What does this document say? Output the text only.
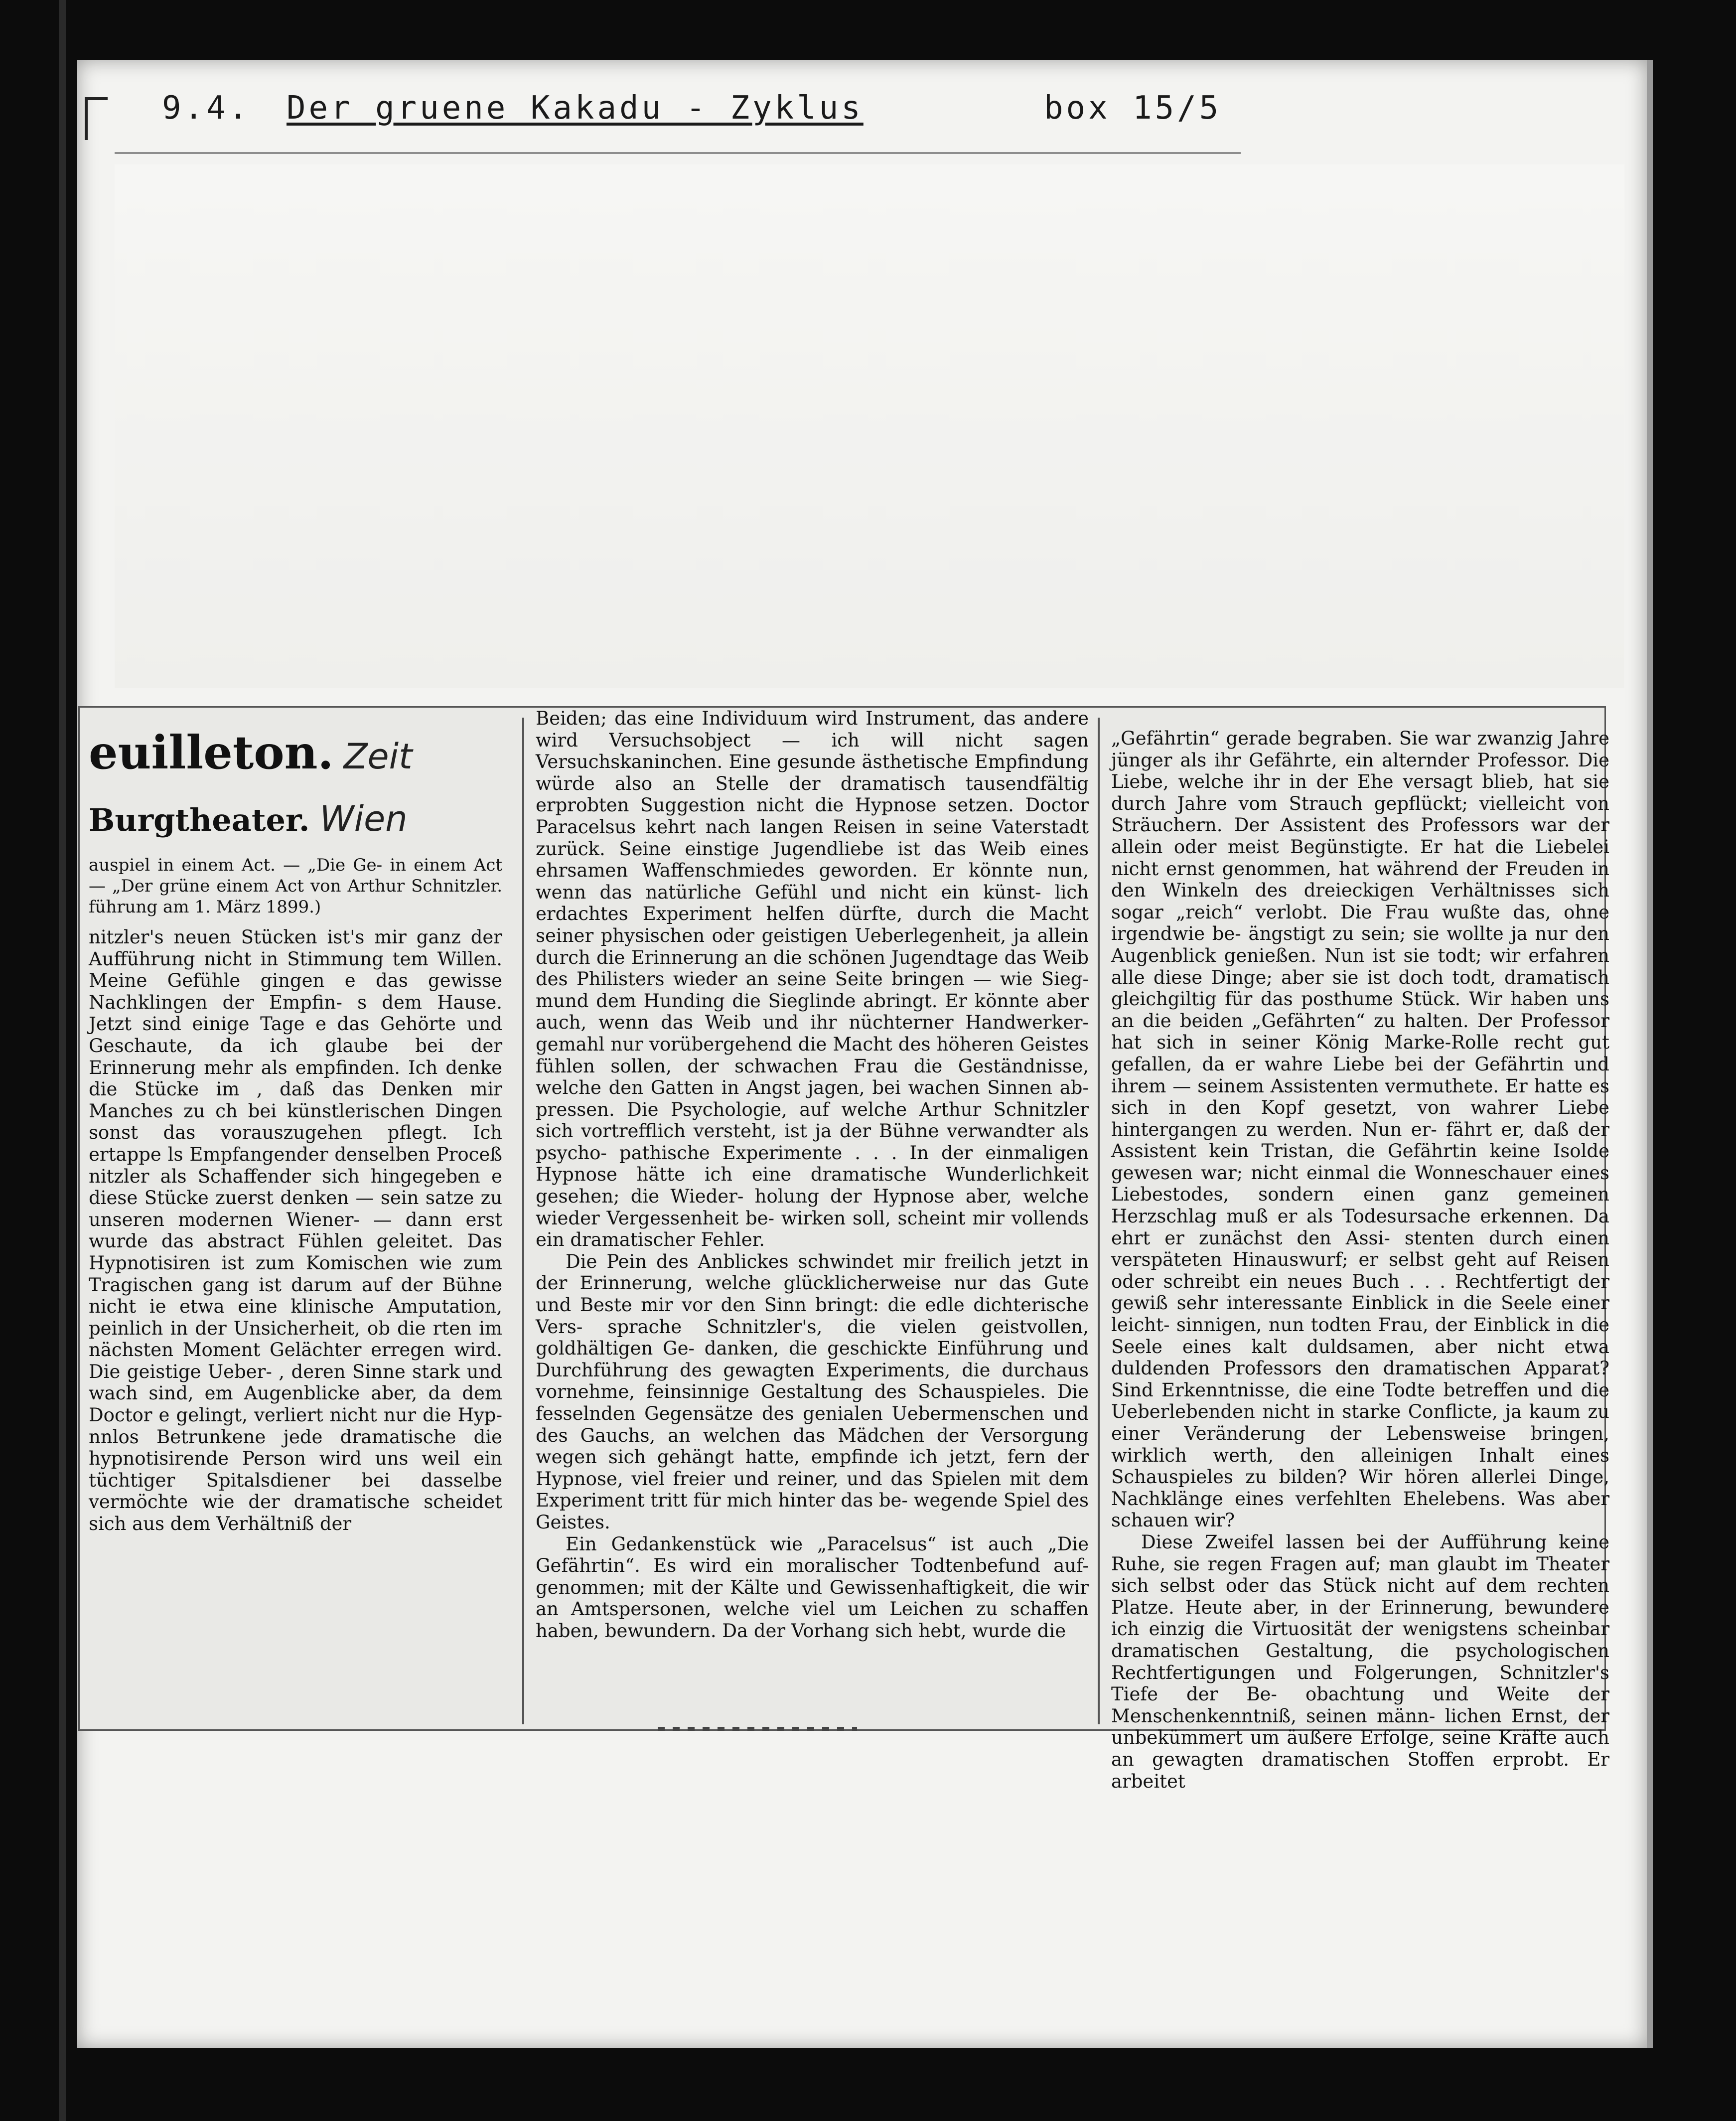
9.4. Der gruene Kakadu - Zyklus	box 15/5
euilleton. Zeit
Burgtheater. Wien
auspiel in einem Act. — „Die Ge- in einem Act — „Der grüne einem Act von Arthur Schnitzler. führung am 1. März 1899.)

nitzler's neuen Stücken ist's mir ganz der Aufführung nicht in Stimmung tem Willen. Meine Gefühle gingen e das gewisse Nachklingen der Empfin- s dem Hause. Jetzt sind einige Tage e das Gehörte und Geschaute, da ich glaube bei der Erinnerung mehr als empfinden. Ich denke die Stücke im , daß das Denken mir Manches zu ch bei künstlerischen Dingen sonst das vorauszugehen pflegt. Ich ertappe ls Empfangender denselben Proceß nitzler als Schaffender sich hingegeben e diese Stücke zuerst denken — sein satze zu unseren modernen Wiener- — dann erst wurde das abstract Fühlen geleitet. Das Hypnotisiren ist zum Komischen wie zum Tragischen gang ist darum auf der Bühne nicht ie etwa eine klinische Amputation, peinlich in der Unsicherheit, ob die rten im nächsten Moment Gelächter erregen wird. Die geistige Ueber- , deren Sinne stark und wach sind, em Augenblicke aber, da dem Doctor e gelingt, verliert nicht nur die Hyp- nnlos Betrunkene jede dramatische die hypnotisirende Person wird uns weil ein tüchtiger Spitalsdiener bei dasselbe vermöchte wie der dramatische scheidet sich aus dem Verhältniß der

Beiden; das eine Individuum wird Instrument, das andere wird Versuchsobject — ich will nicht sagen Versuchskaninchen. Eine gesunde ästhetische Empfindung würde also an Stelle der dramatisch tausendfältig erprobten Suggestion nicht die Hypnose setzen. Doctor Paracelsus kehrt nach langen Reisen in seine Vaterstadt zurück. Seine einstige Jugendliebe ist das Weib eines ehrsamen Waffenschmiedes geworden. Er könnte nun, wenn das natürliche Gefühl und nicht ein künst- lich erdachtes Experiment helfen dürfte, durch die Macht seiner physischen oder geistigen Ueberlegenheit, ja allein durch die Erinnerung an die schönen Jugendtage das Weib des Philisters wieder an seine Seite bringen — wie Sieg- mund dem Hunding die Sieglinde abringt. Er könnte aber auch, wenn das Weib und ihr nüchterner Handwerker- gemahl nur vorübergehend die Macht des höheren Geistes fühlen sollen, der schwachen Frau die Geständnisse, welche den Gatten in Angst jagen, bei wachen Sinnen ab- pressen. Die Psychologie, auf welche Arthur Schnitzler sich vortrefflich versteht, ist ja der Bühne verwandter als psycho- pathische Experimente . . . In der einmaligen Hypnose hätte ich eine dramatische Wunderlichkeit gesehen; die Wieder- holung der Hypnose aber, welche wieder Vergessenheit be- wirken soll, scheint mir vollends ein dramatischer Fehler.

Die Pein des Anblickes schwindet mir freilich jetzt in der Erinnerung, welche glücklicherweise nur das Gute und Beste mir vor den Sinn bringt: die edle dichterische Vers- sprache Schnitzler's, die vielen geistvollen, goldhältigen Ge- danken, die geschickte Einführung und Durchführung des gewagten Experiments, die durchaus vornehme, feinsinnige Gestaltung des Schauspieles. Die fesselnden Gegensätze des genialen Uebermenschen und des Gauchs, an welchen das Mädchen der Versorgung wegen sich gehängt hatte, empfinde ich jetzt, fern der Hypnose, viel freier und reiner, und das Spielen mit dem Experiment tritt für mich hinter das be- wegende Spiel des Geistes.

Ein Gedankenstück wie „Paracelsus“ ist auch „Die Gefährtin“. Es wird ein moralischer Todtenbefund auf- genommen; mit der Kälte und Gewissenhaftigkeit, die wir an Amtspersonen, welche viel um Leichen zu schaffen haben, bewundern. Da der Vorhang sich hebt, wurde die

„Gefährtin“ gerade begraben. Sie war zwanzig Jahre jünger als ihr Gefährte, ein alternder Professor. Die Liebe, welche ihr in der Ehe versagt blieb, hat sie durch Jahre vom Strauch gepflückt; vielleicht von Sträuchern. Der Assistent des Professors war der allein oder meist Begünstigte. Er hat die Liebelei nicht ernst genommen, hat während der Freuden in den Winkeln des dreieckigen Verhältnisses sich sogar „reich“ verlobt. Die Frau wußte das, ohne irgendwie be- ängstigt zu sein; sie wollte ja nur den Augenblick genießen. Nun ist sie todt; wir erfahren alle diese Dinge; aber sie ist doch todt, dramatisch gleichgiltig für das posthume Stück. Wir haben uns an die beiden „Gefährten“ zu halten. Der Professor hat sich in seiner König Marke-Rolle recht gut gefallen, da er wahre Liebe bei der Gefährtin und ihrem — seinem Assistenten vermuthete. Er hatte es sich in den Kopf gesetzt, von wahrer Liebe hintergangen zu werden. Nun er- fährt er, daß der Assistent kein Tristan, die Gefährtin keine Isolde gewesen war; nicht einmal die Wonneschauer eines Liebestodes, sondern einen ganz gemeinen Herzschlag muß er als Todesursache erkennen. Da ehrt er zunächst den Assi- stenten durch einen verspäteten Hinauswurf; er selbst geht auf Reisen oder schreibt ein neues Buch . . . Rechtfertigt der gewiß sehr interessante Einblick in die Seele einer leicht- sinnigen, nun todten Frau, der Einblick in die Seele eines kalt duldsamen, aber nicht etwa duldenden Professors den dramatischen Apparat? Sind Erkenntnisse, die eine Todte betreffen und die Ueberlebenden nicht in starke Conflicte, ja kaum zu einer Veränderung der Lebensweise bringen, wirklich werth, den alleinigen Inhalt eines Schauspieles zu bilden? Wir hören allerlei Dinge, Nachklänge eines verfehlten Ehelebens. Was aber schauen wir?

Diese Zweifel lassen bei der Aufführung keine Ruhe, sie regen Fragen auf; man glaubt im Theater sich selbst oder das Stück nicht auf dem rechten Platze. Heute aber, in der Erinnerung, bewundere ich einzig die Virtuosität der wenigstens scheinbar dramatischen Gestaltung, die psychologischen Rechtfertigungen und Folgerungen, Schnitzler's Tiefe der Be- obachtung und Weite der Menschenkenntniß, seinen männ- lichen Ernst, der unbekümmert um äußere Erfolge, seine Kräfte auch an gewagten dramatischen Stoffen erprobt. Er arbeitet
